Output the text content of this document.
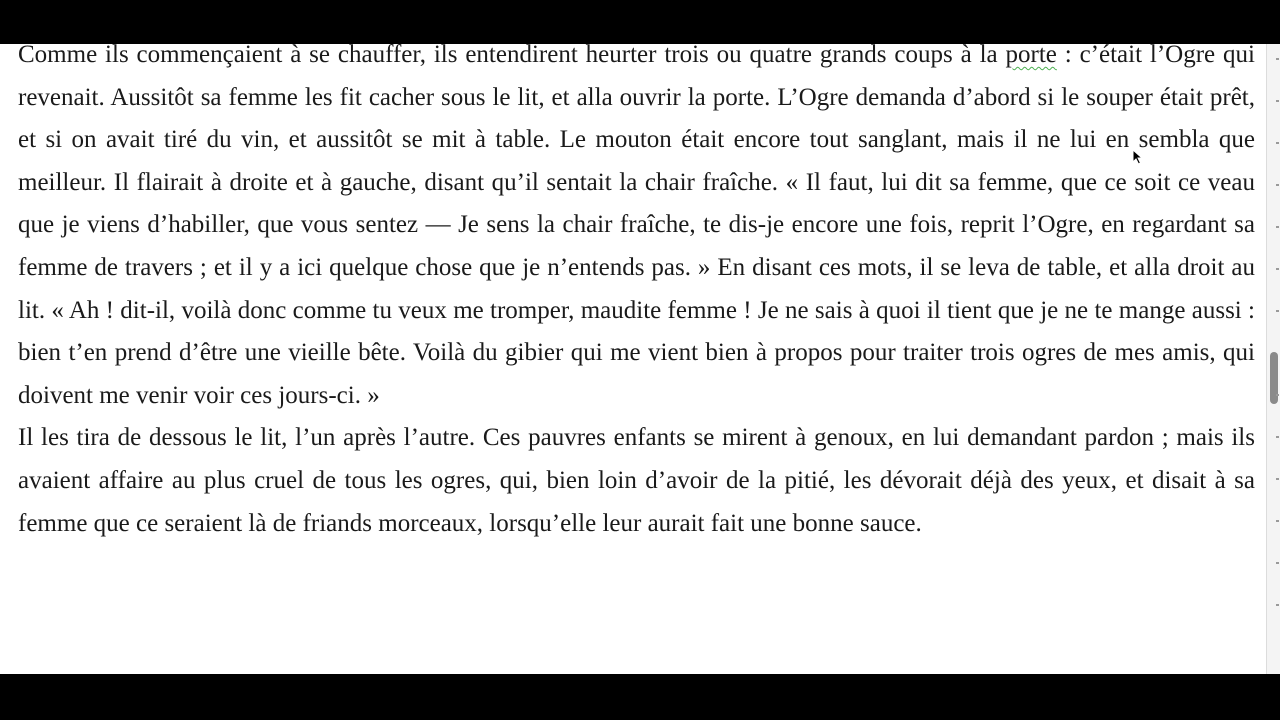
Comme ils commençaient à se chauffer, ils entendirent heurter trois ou quatre grands coups à la porte : c’était l’Ogre qui revenait. Aussitôt sa femme les fit cacher sous le lit, et alla ouvrir la porte. L’Ogre demanda d’abord si le souper était prêt, et si on avait tiré du vin, et aussitôt se mit à table. Le mouton était encore tout sanglant, mais il ne lui en sembla que meilleur. Il flairait à droite et à gauche, disant qu’il sentait la chair fraîche. « Il faut, lui dit sa femme, que ce soit ce veau que je viens d’habiller, que vous sentez — Je sens la chair fraîche, te dis-je encore une fois, reprit l’Ogre, en regardant sa femme de travers ; et il y a ici quelque chose que je n’entends pas. » En disant ces mots, il se leva de table, et alla droit au lit. « Ah ! dit-il, voilà donc comme tu veux me tromper, maudite femme ! Je ne sais à quoi il tient que je ne te mange aussi : bien t’en prend d’être une vieille bête. Voilà du gibier qui me vient bien à propos pour traiter trois ogres de mes amis, qui doivent me venir voir ces jours-ci. »

Il les tira de dessous le lit, l’un après l’autre. Ces pauvres enfants se mirent à genoux, en lui demandant pardon ; mais ils avaient affaire au plus cruel de tous les ogres, qui, bien loin d’avoir de la pitié, les dévorait déjà des yeux, et disait à sa femme que ce seraient là de friands morceaux, lorsqu’elle leur aurait fait une bonne sauce.
